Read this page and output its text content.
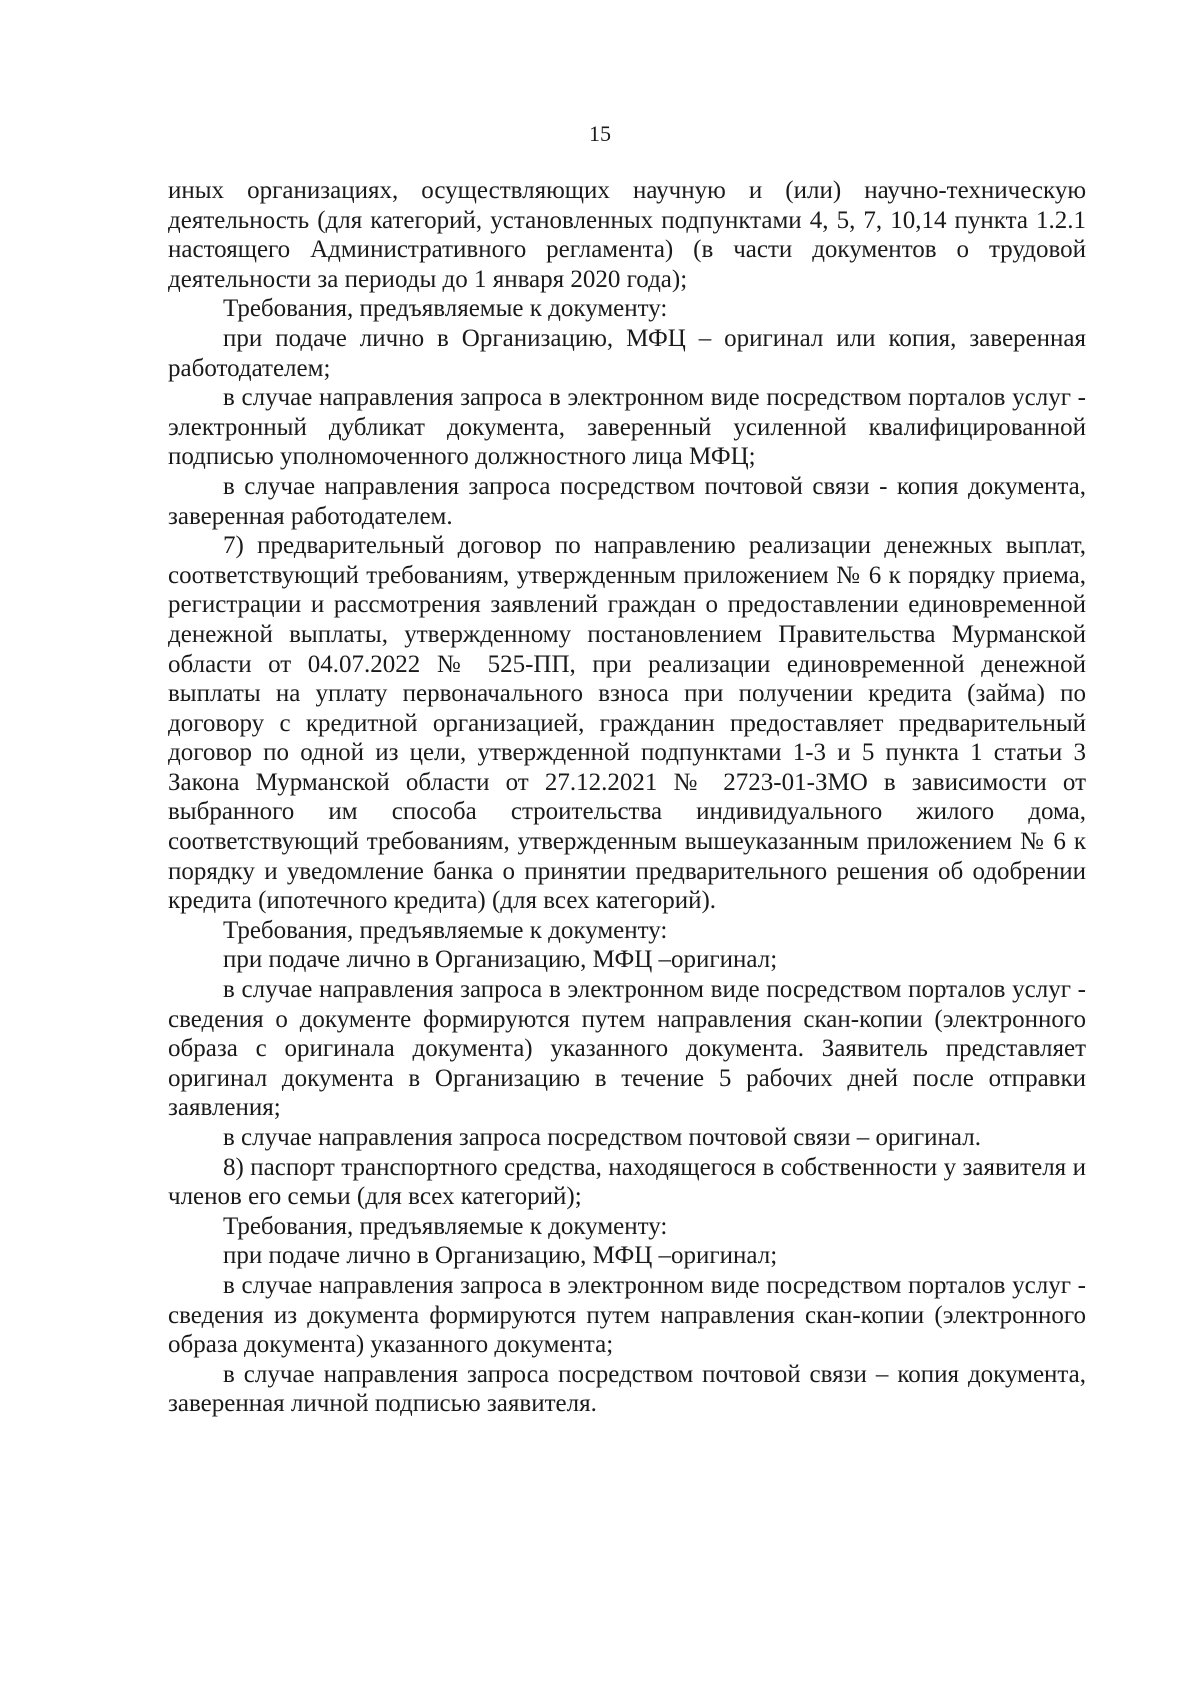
15

иных организациях, осуществляющих научную и (или) научно-техническую деятельность (для категорий, установленных подпунктами 4, 5, 7, 10,14 пункта 1.2.1 настоящего Административного регламента) (в части документов о трудовой деятельности за периоды до 1 января 2020 года);

Требования, предъявляемые к документу:

при подаче лично в Организацию, МФЦ – оригинал или копия, заверенная работодателем;

в случае направления запроса в электронном виде посредством порталов услуг - электронный дубликат документа, заверенный усиленной квалифицированной подписью уполномоченного должностного лица МФЦ;

в случае направления запроса посредством почтовой связи - копия документа, заверенная работодателем.

7) предварительный договор по направлению реализации денежных выплат, соответствующий требованиям, утвержденным приложением № 6 к порядку приема, регистрации и рассмотрения заявлений граждан о предоставлении единовременной денежной выплаты, утвержденному постановлением Правительства Мурманской области от 04.07.2022 № 525-ПП, при реализации единовременной денежной выплаты на уплату первоначального взноса при получении кредита (займа) по договору с кредитной организацией, гражданин предоставляет предварительный договор по одной из цели, утвержденной подпунктами 1-3 и 5 пункта 1 статьи 3 Закона Мурманской области от 27.12.2021 № 2723-01-ЗМО в зависимости от выбранного им способа строительства индивидуального жилого дома, соответствующий требованиям, утвержденным вышеуказанным приложением № 6 к порядку и уведомление банка о принятии предварительного решения об одобрении кредита (ипотечного кредита) (для всех категорий).

Требования, предъявляемые к документу:

при подаче лично в Организацию, МФЦ –оригинал;

в случае направления запроса в электронном виде посредством порталов услуг - сведения о документе формируются путем направления скан-копии (электронного образа с оригинала документа) указанного документа. Заявитель представляет оригинал документа в Организацию в течение 5 рабочих дней после отправки заявления;

в случае направления запроса посредством почтовой связи – оригинал.

8) паспорт транспортного средства, находящегося в собственности у заявителя и членов его семьи (для всех категорий);

Требования, предъявляемые к документу:

при подаче лично в Организацию, МФЦ –оригинал;

в случае направления запроса в электронном виде посредством порталов услуг - сведения из документа формируются путем направления скан-копии (электронного образа документа) указанного документа;

в случае направления запроса посредством почтовой связи – копия документа, заверенная личной подписью заявителя.
